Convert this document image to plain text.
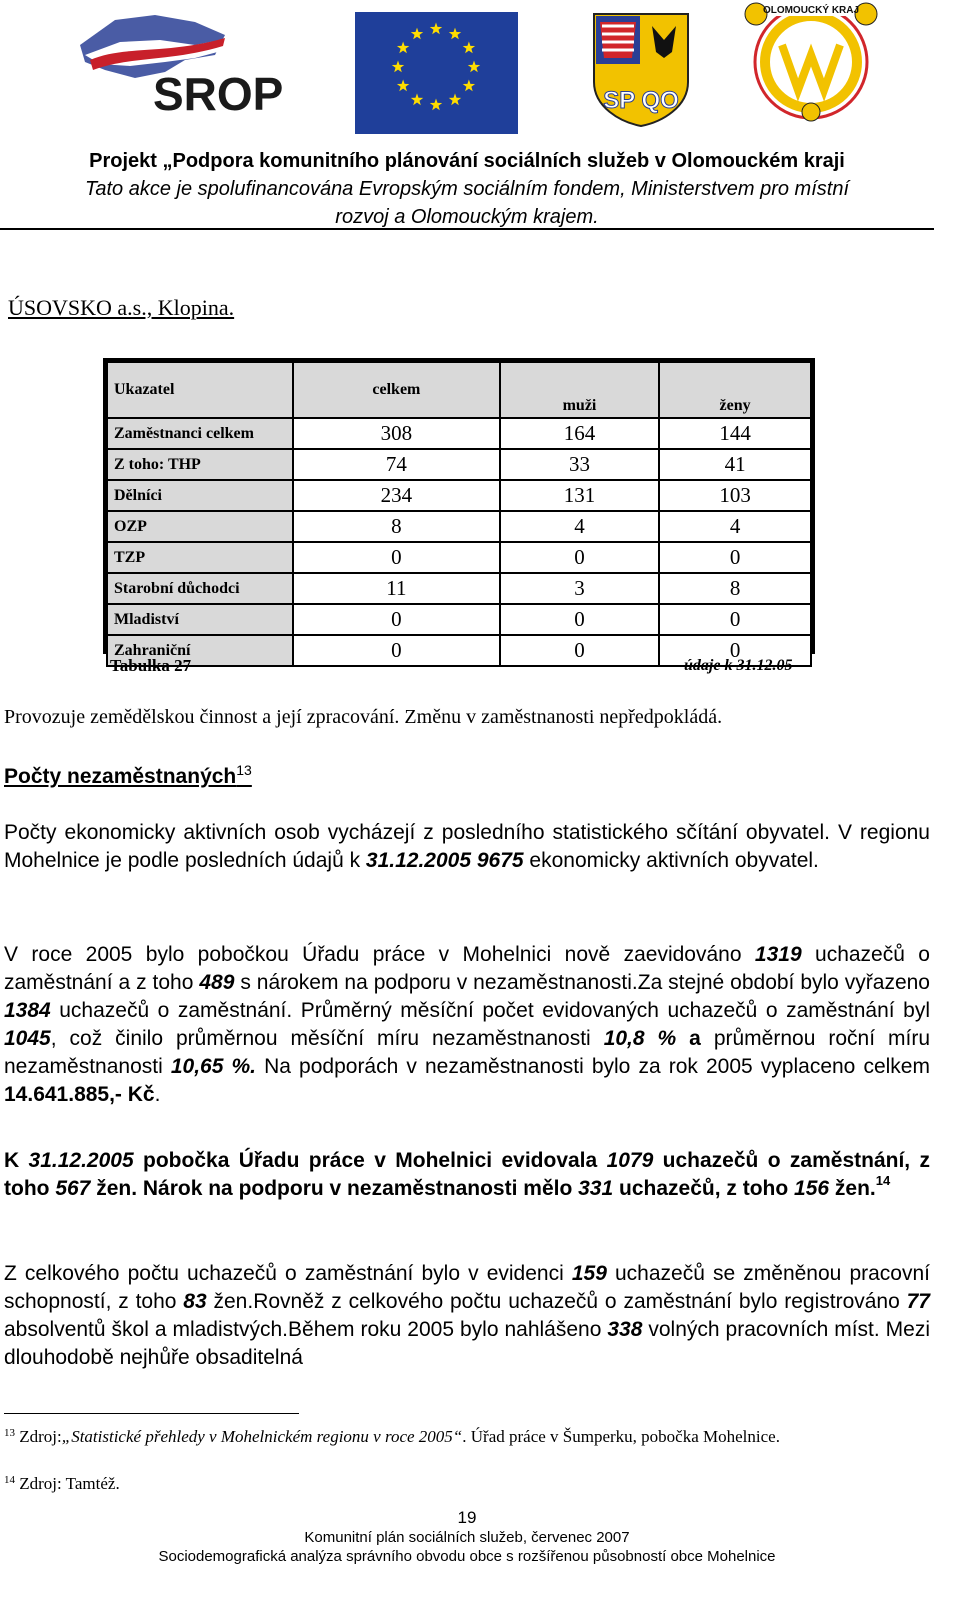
SROP	SP QO
OLOMOUCKÝ KRAJ
Projekt „Podpora komunitního plánování sociálních služeb v Olomouckém kraji
Tato akce je spolufinancována Evropským sociálním fondem, Ministerstvem pro místní
rozvoj a Olomouckým krajem.
ÚSOVSKO a.s., Klopina.
Ukazatel	celkem	muži	ženy
Zaměstnanci celkem	308	164	144
Z toho: THP	74	33	41
Dělníci	234	131	103
OZP	8	4	4
TZP	0	0	0
Starobní důchodci	11	3	8
Mladiství	0	0	0
Zahraniční	0	0	0
Tabulka 27	údaje k 31.12.05
Provozuje zemědělskou činnost a její zpracování. Změnu v zaměstnanosti nepředpokládá.
Počty nezaměstnaných$^{13}$
Počty ekonomicky aktivních osob vycházejí z posledního statistického sčítání obyvatel. V regionu Mohelnice je podle posledních údajů k 31.12.2005 9675 ekonomicky aktivních obyvatel.
V roce 2005 bylo pobočkou Úřadu práce v Mohelnici nově zaevidováno 1319 uchazečů o zaměstnání a z toho 489 s nárokem na podporu v nezaměstnanosti.Za stejné období bylo vyřazeno 1384 uchazečů o zaměstnání. Průměrný měsíční počet evidovaných uchazečů o zaměstnání byl 1045, což činilo průměrnou měsíční míru nezaměstnanosti 10,8 % a průměrnou roční míru nezaměstnanosti 10,65 %. Na podporách v nezaměstnanosti bylo za rok 2005 vyplaceno celkem 14.641.885,- Kč.
K 31.12.2005 pobočka Úřadu práce v Mohelnici evidovala 1079 uchazečů o zaměstnání, z toho 567 žen. Nárok na podporu v nezaměstnanosti mělo 331 uchazečů, z toho 156 žen.$^{14}$
Z celkového počtu uchazečů o zaměstnání bylo v evidenci 159 uchazečů se změněnou pracovní schopností, z toho 83 žen.Rovněž z celkového počtu uchazečů o zaměstnání bylo registrováno 77 absolventů škol a mladistvých.Během roku 2005 bylo nahlášeno 338 volných pracovních míst. Mezi dlouhodobě nejhůře obsaditelná
$^{13}$ Zdroj:„Statistické přehledy v Mohelnickém regionu v roce 2005“. Úřad práce v Šumperku, pobočka Mohelnice.
$^{14}$ Zdroj: Tamtéž.
19
Komunitní plán sociálních služeb, červenec 2007
Sociodemografická analýza správního obvodu obce s rozšířenou působností obce Mohelnice
